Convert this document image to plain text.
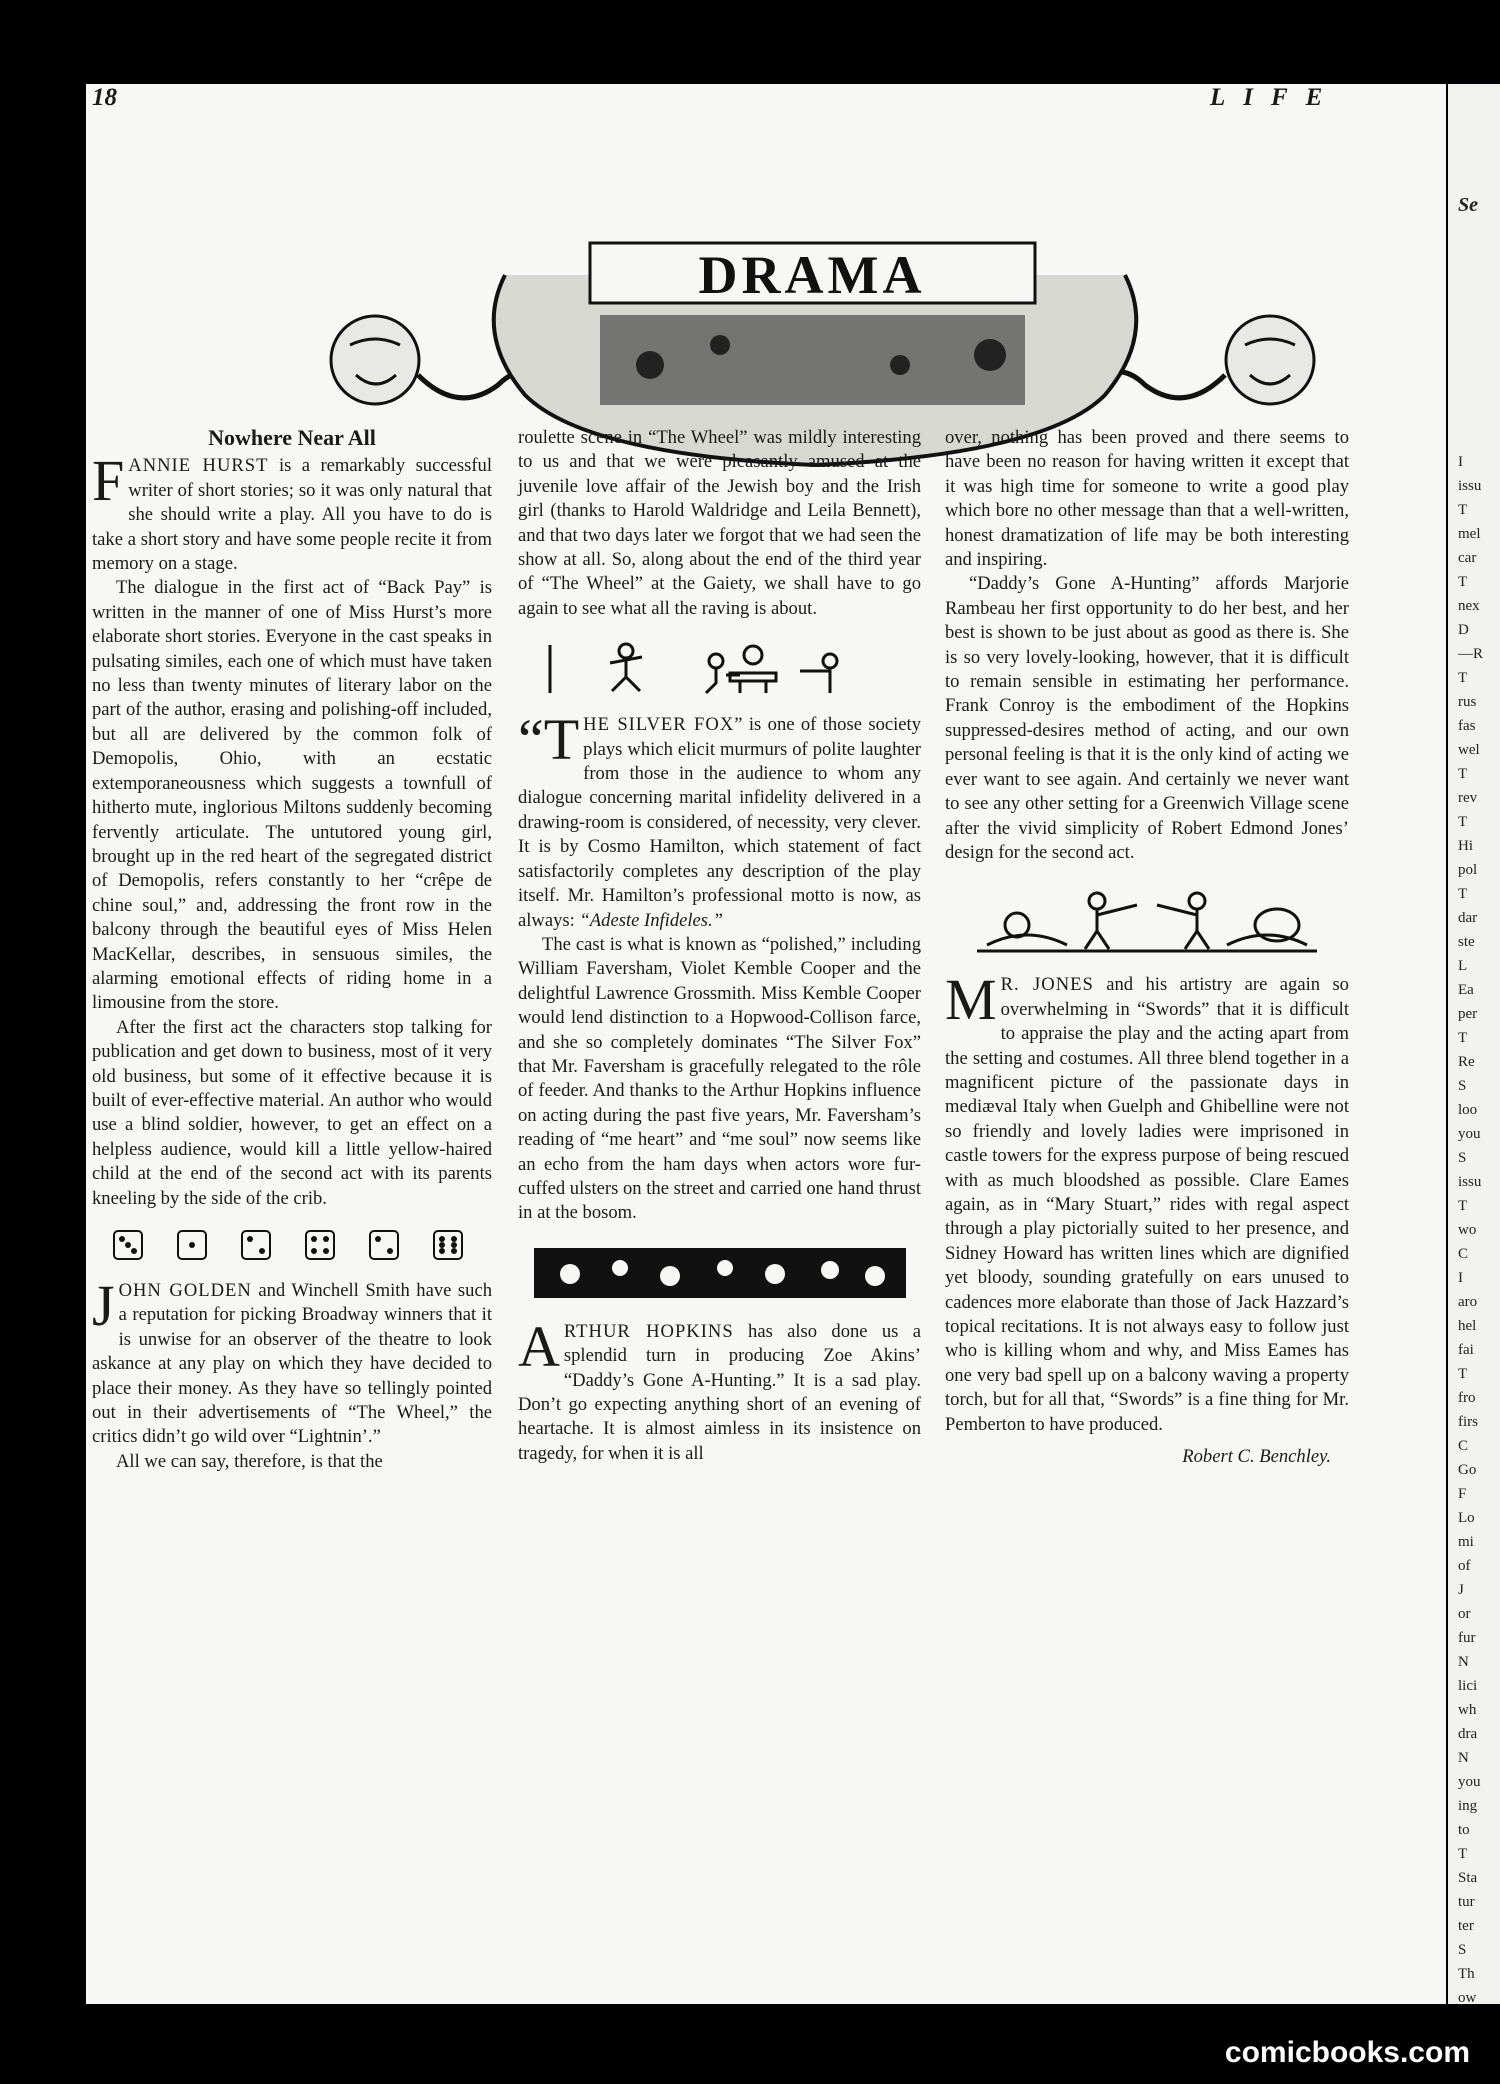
Se
I
issu
T
mel
car
T
nex
D
—R
T
rus
fas
wel
T
rev
T
Hi
pol
T
dar
ste
L
Ea
per
T
Re
S
loo
you
S
issu
T
wo
C
I
aro
hel
fai
T
fro
firs
C
Go
F
Lo
mi
of
J
or
fur
N
lici
wh
dra
N
you
ing
to
T
Sta
tur
ter
S
Th
ow
18	LIFE
DRAMA
Nowhere Near All

FANNIE HURST is a remarkably successful writer of short stories; so it was only natural that she should write a play. All you have to do is take a short story and have some people recite it from memory on a stage.

The dialogue in the first act of “Back Pay” is written in the manner of one of Miss Hurst’s more elaborate short stories. Everyone in the cast speaks in pulsating similes, each one of which must have taken no less than twenty minutes of literary labor on the part of the author, erasing and polishing-off included, but all are delivered by the common folk of Demopolis, Ohio, with an ecstatic extemporaneousness which suggests a townfull of hitherto mute, inglorious Miltons suddenly becoming fervently articulate. The untutored young girl, brought up in the red heart of the segregated district of Demopolis, refers constantly to her “crêpe de chine soul,” and, addressing the front row in the balcony through the beautiful eyes of Miss Helen MacKellar, describes, in sensuous similes, the alarming emotional effects of riding home in a limousine from the store.

After the first act the characters stop talking for publication and get down to business, most of it very old business, but some of it effective because it is built of ever-effective material. An author who would use a blind soldier, however, to get an effect on a helpless audience, would kill a little yellow-haired child at the end of the second act with its parents kneeling by the side of the crib.

JOHN GOLDEN and Winchell Smith have such a reputation for picking Broadway winners that it is unwise for an observer of the theatre to look askance at any play on which they have decided to place their money. As they have so tellingly pointed out in their advertisements of “The Wheel,” the critics didn’t go wild over “Lightnin’.”

All we can say, therefore, is that the

roulette scene in “The Wheel” was mildly interesting to us and that we were pleasantly amused at the juvenile love affair of the Jewish boy and the Irish girl (thanks to Harold Waldridge and Leila Bennett), and that two days later we forgot that we had seen the show at all. So, along about the end of the third year of “The Wheel” at the Gaiety, we shall have to go again to see what all the raving is about.

“THE SILVER FOX” is one of those society plays which elicit murmurs of polite laughter from those in the audience to whom any dialogue concerning marital infidelity delivered in a drawing-room is considered, of necessity, very clever. It is by Cosmo Hamilton, which statement of fact satisfactorily completes any description of the play itself. Mr. Hamilton’s professional motto is now, as always: “Adeste Infideles.”

The cast is what is known as “polished,” including William Faversham, Violet Kemble Cooper and the delightful Lawrence Grossmith. Miss Kemble Cooper would lend distinction to a Hopwood-Collison farce, and she so completely dominates “The Silver Fox” that Mr. Faversham is gracefully relegated to the rôle of feeder. And thanks to the Arthur Hopkins influence on acting during the past five years, Mr. Faversham’s reading of “me heart” and “me soul” now seems like an echo from the ham days when actors wore fur-cuffed ulsters on the street and carried one hand thrust in at the bosom.

ARTHUR HOPKINS has also done us a splendid turn in producing Zoe Akins’ “Daddy’s Gone A-Hunting.” It is a sad play. Don’t go expecting anything short of an evening of heartache. It is almost aimless in its insistence on tragedy, for when it is all

over, nothing has been proved and there seems to have been no reason for having written it except that it was high time for someone to write a good play which bore no other message than that a well-written, honest dramatization of life may be both interesting and inspiring.

“Daddy’s Gone A-Hunting” affords Marjorie Rambeau her first opportunity to do her best, and her best is shown to be just about as good as there is. She is so very lovely-looking, however, that it is difficult to remain sensible in estimating her performance. Frank Conroy is the embodiment of the Hopkins suppressed-desires method of acting, and our own personal feeling is that it is the only kind of acting we ever want to see again. And certainly we never want to see any other setting for a Greenwich Village scene after the vivid simplicity of Robert Edmond Jones’ design for the second act.

M R. JONES and his artistry are again so overwhelming in “Swords” that it is difficult to appraise the play and the acting apart from the setting and costumes. All three blend together in a magnificent picture of the passionate days in mediæval Italy when Guelph and Ghibelline were not so friendly and lovely ladies were imprisoned in castle towers for the express purpose of being rescued with as much bloodshed as possible. Clare Eames again, as in “Mary Stuart,” rides with regal aspect through a play pictorially suited to her presence, and Sidney Howard has written lines which are dignified yet bloody, sounding gratefully on ears unused to cadences more elaborate than those of Jack Hazzard’s topical recitations. It is not always easy to follow just who is killing whom and why, and Miss Eames has one very bad spell up on a balcony waving a property torch, but for all that, “Swords” is a fine thing for Mr. Pemberton to have produced.

Robert C. Benchley.
comicbooks.com
